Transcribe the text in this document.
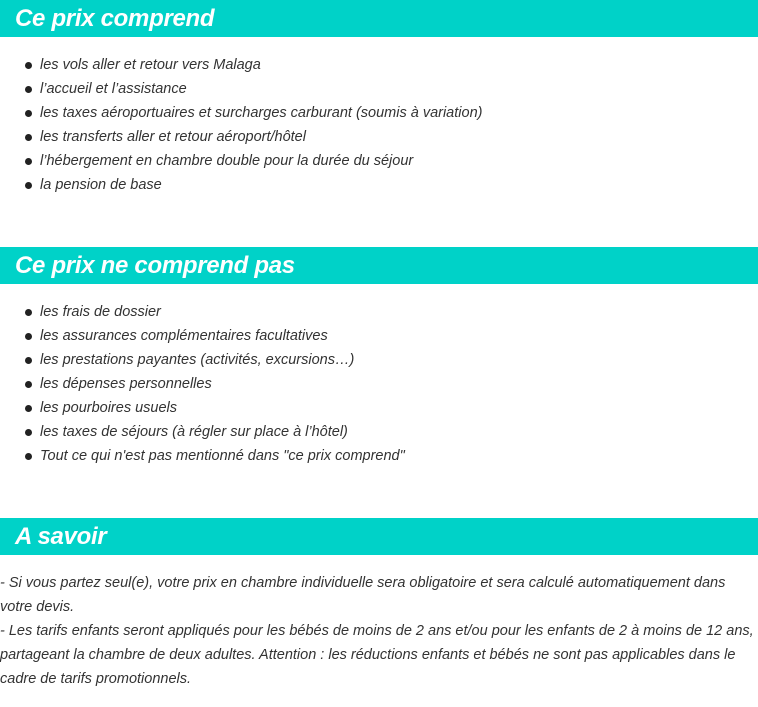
Ce prix comprend
les vols aller et retour vers Malaga
l’accueil et l’assistance
les taxes aéroportuaires et surcharges carburant (soumis à variation)
les transferts aller et retour aéroport/hôtel
l’hébergement en chambre double pour la durée du séjour
la pension de base
Ce prix ne comprend pas
les frais de dossier
les assurances complémentaires facultatives
les prestations payantes (activités, excursions…)
les dépenses personnelles
les pourboires usuels
les taxes de séjours (à régler sur place à l’hôtel)
Tout ce qui n'est pas mentionné dans "ce prix comprend"
A savoir

- Si vous partez seul(e), votre prix en chambre individuelle sera obligatoire et sera calculé automatiquement dans votre devis.

- Les tarifs enfants seront appliqués pour les bébés de moins de 2 ans et/ou pour les enfants de 2 à moins de 12 ans, partageant la chambre de deux adultes. Attention : les réductions enfants et bébés ne sont pas applicables dans le cadre de tarifs promotionnels.
